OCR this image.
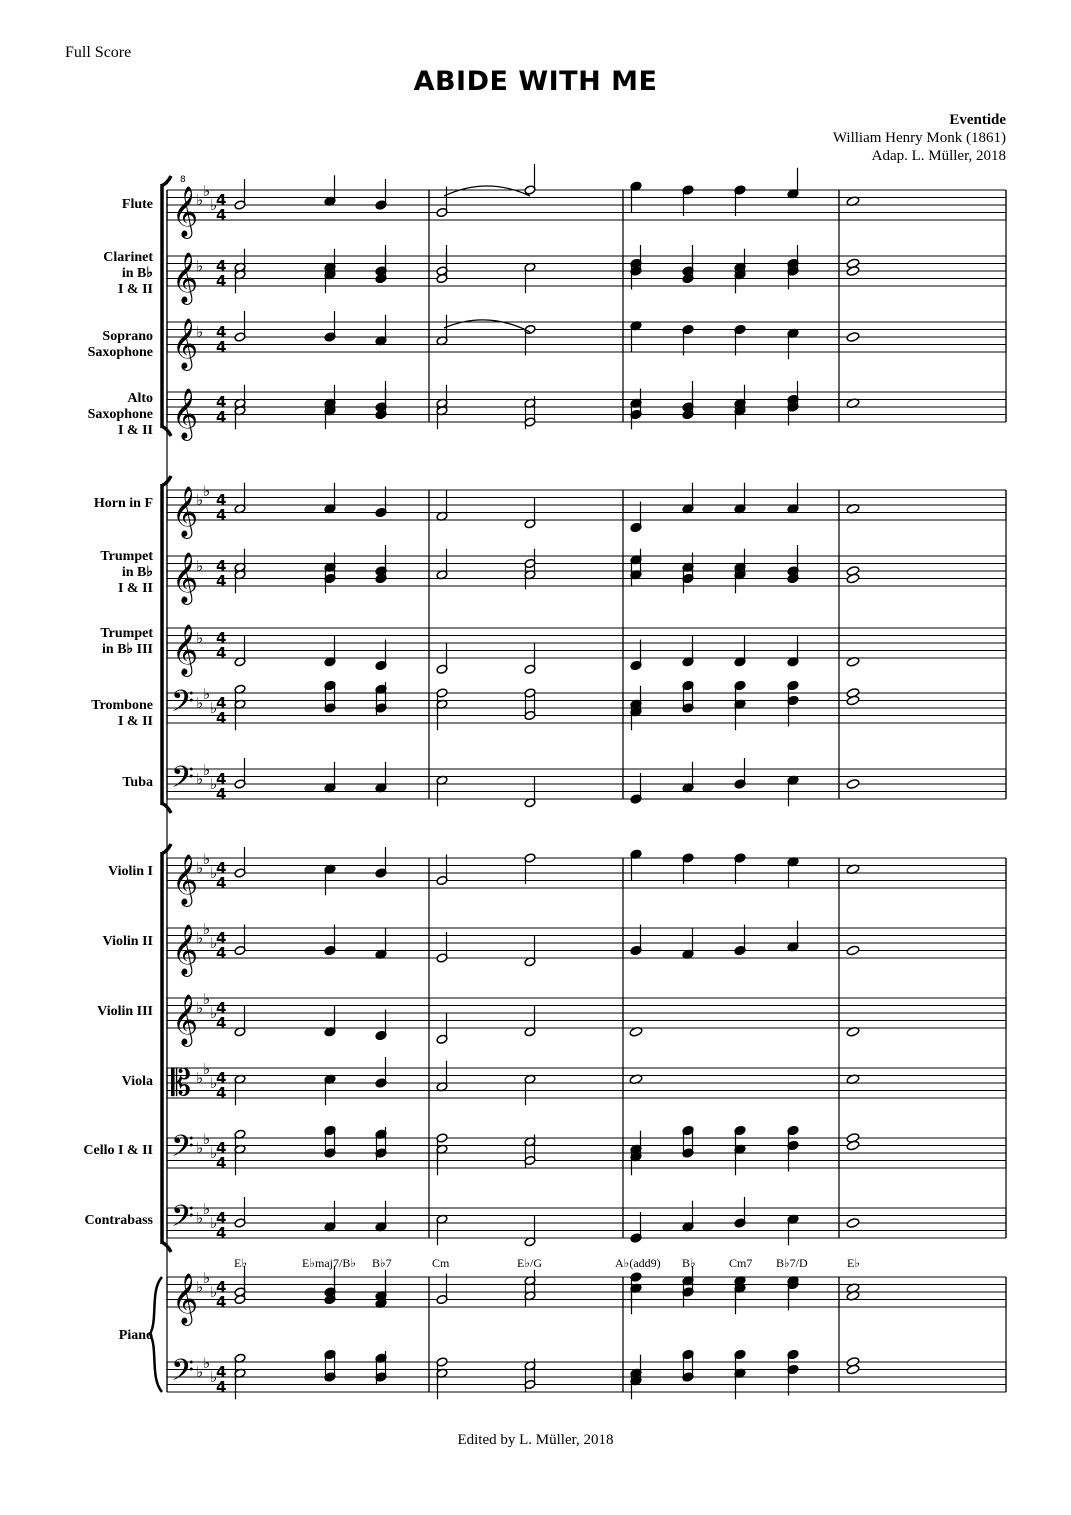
Full Score
ABIDE WITH ME
Eventide
William Henry Monk (1861)
Adap. L. Müller, 2018
Flute
Clarinet
in B♭
I & II
Soprano
Saxophone
Alto
Saxophone
I & II
Horn in F
Trumpet
in B♭
I & II
Trumpet
in B♭ III
Trombone
I & II
Tuba
Violin I
Violin II
Violin III
Viola
Cello I & II
Contrabass
Piano
E♭	E♭maj7/B♭ B♭7	Cm	E♭/G	A♭(add9) B♭	Cm7 B♭7/D	E♭
Edited by L. Müller, 2018
𝄞
♭ ♭
♭
4
4
𝄞
♭ 4
4
𝄞
♭ 4
4
𝄞 4
4
𝄞
♭ ♭ 4
4
𝄞
♭ 4
4
𝄞
♭ 4
4
𝄢 ♭ ♭
♭
4
4
𝄢 ♭ ♭
♭
4
4
𝄞
♭ ♭
♭
4
4
𝄞
♭ ♭
♭
4
4
𝄞
♭ ♭
♭
4
4
𝄡 ♭ ♭
♭
4
4
𝄢 ♭ ♭
♭
4
4
𝄢 ♭ ♭
♭
4
4
𝄞
♭ ♭
♭
4
4
𝄢 ♭ ♭
♭
4
4
8
